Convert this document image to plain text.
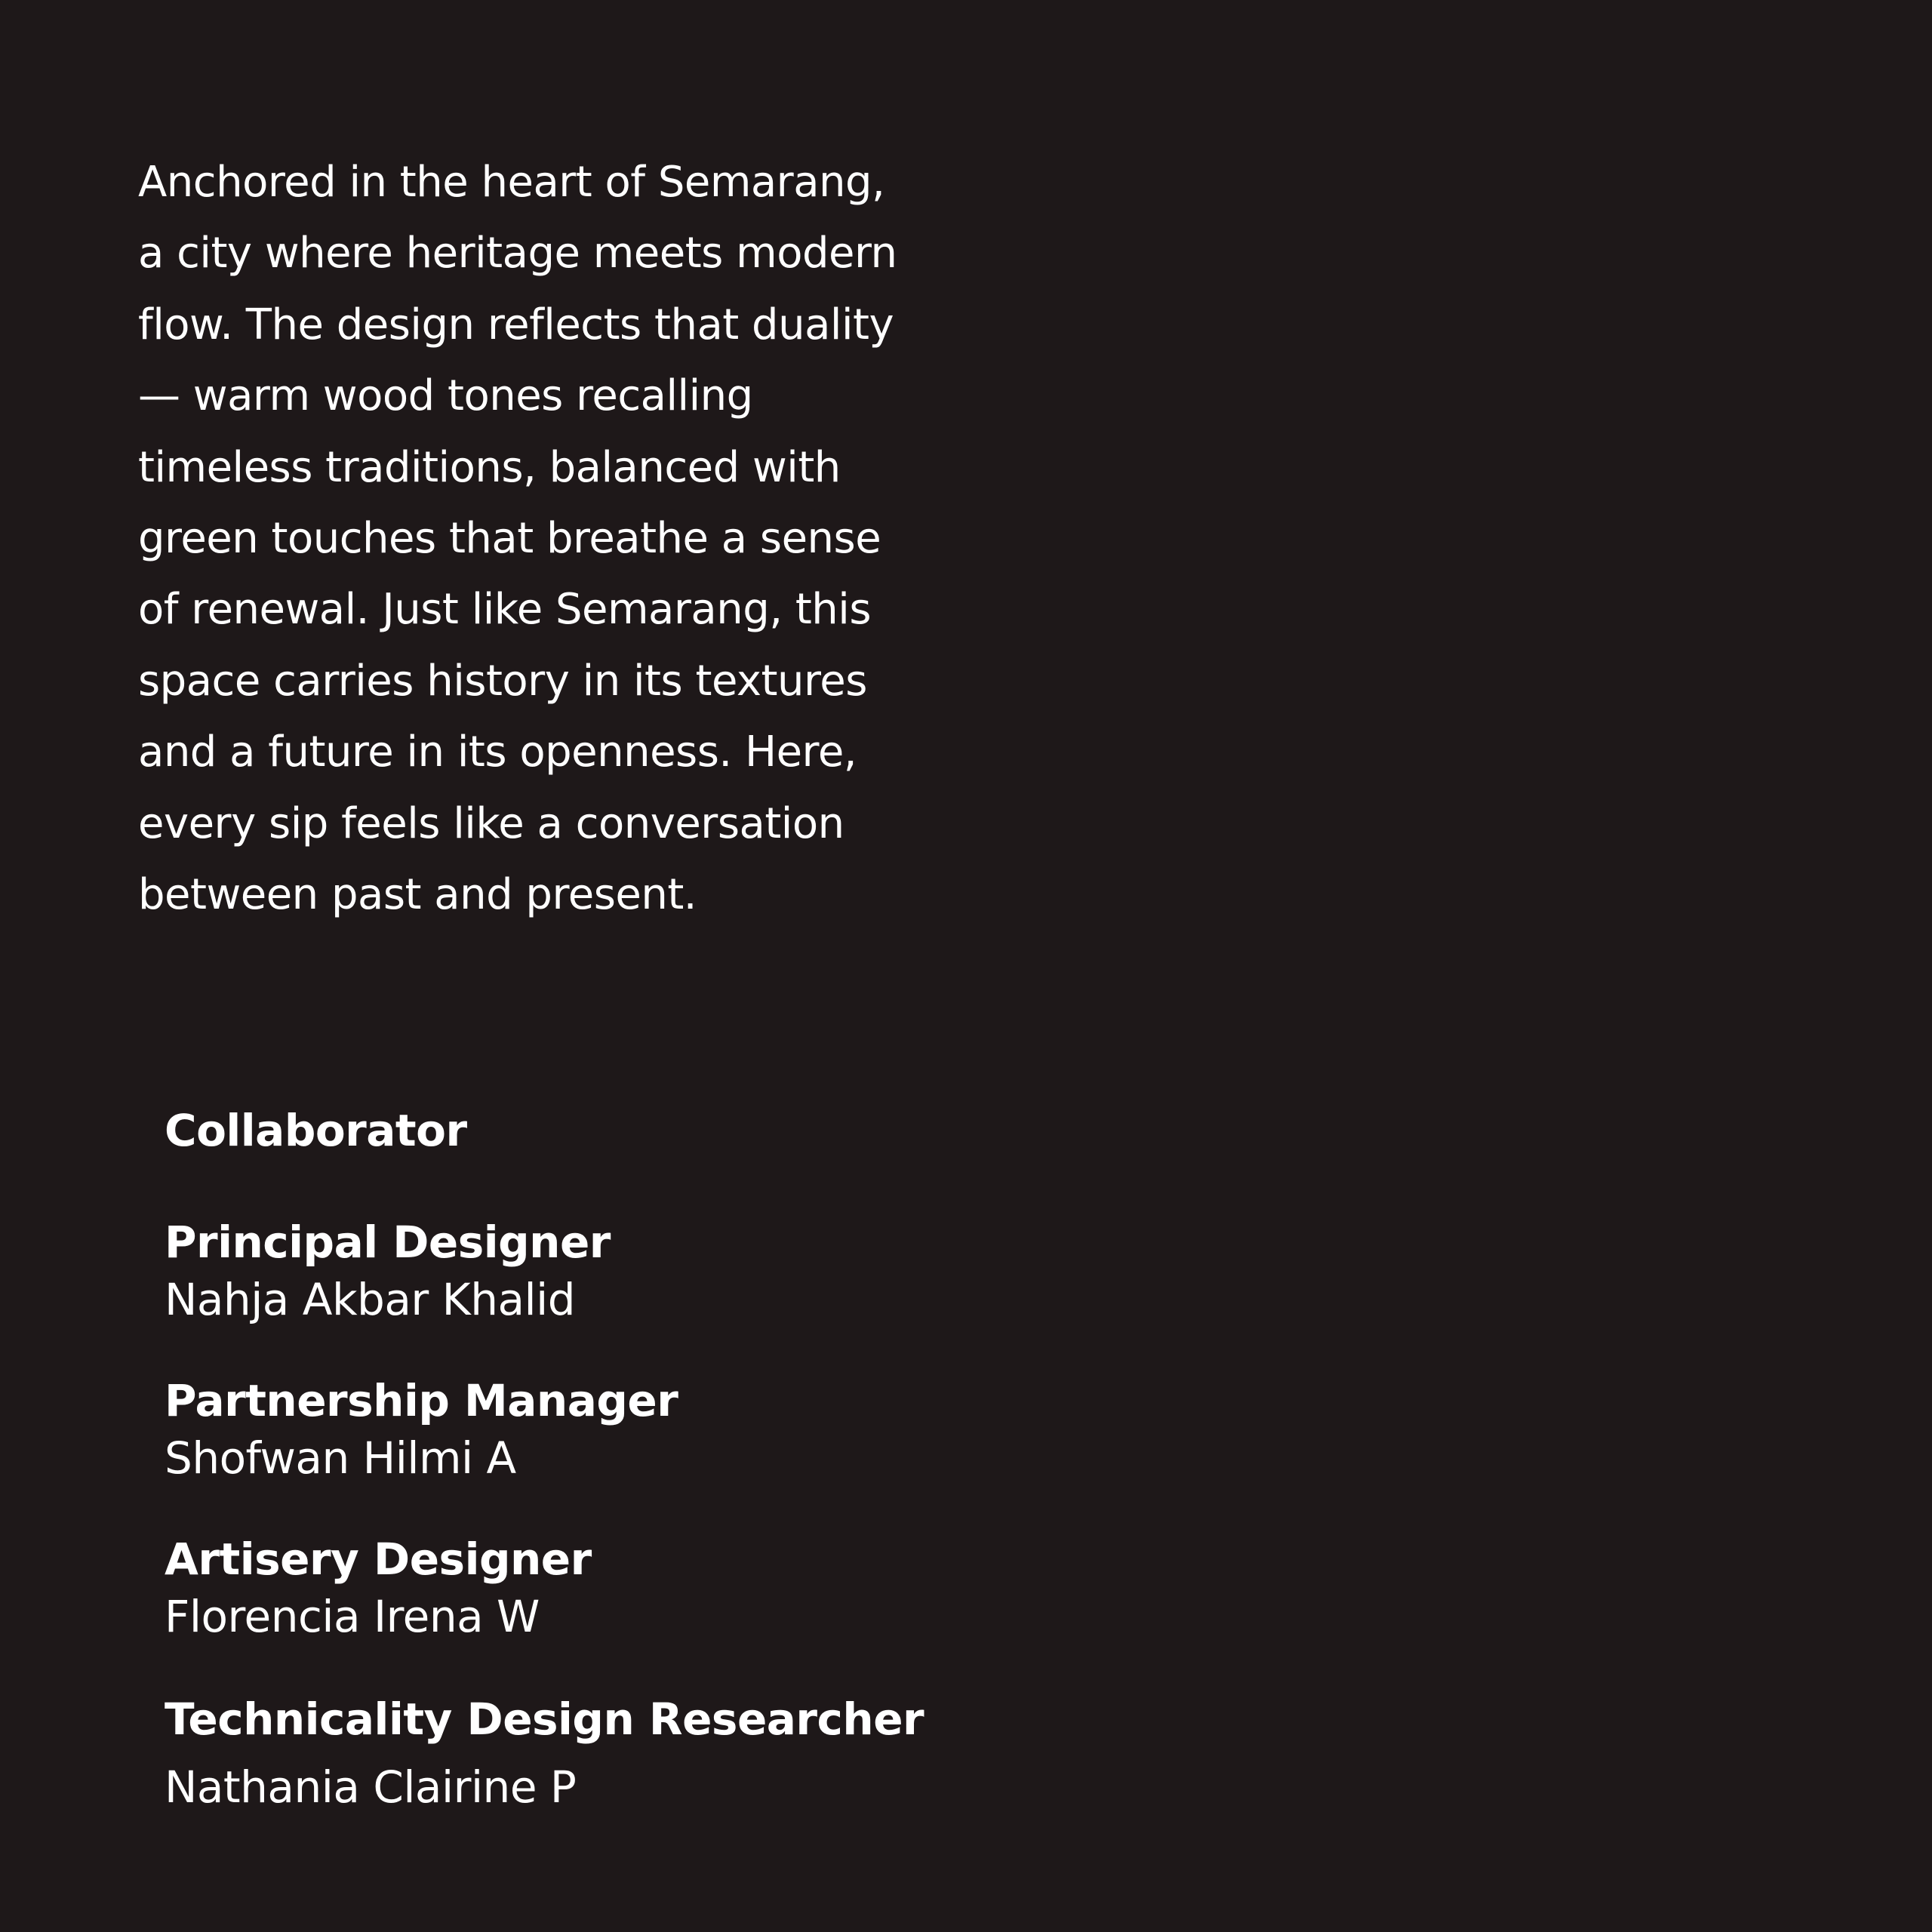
Anchored in the heart of Semarang,
a city where heritage meets modern
flow. The design reflects that duality
— warm wood tones recalling
timeless traditions, balanced with
green touches that breathe a sense
of renewal. Just like Semarang, this
space carries history in its textures
and a future in its openness. Here,
every sip feels like a conversation
between past and present.
Collaborator
Principal Designer
Nahja Akbar Khalid
Partnership Manager
Shofwan Hilmi A
Artisery Designer
Florencia Irena W
Technicality Design Researcher
Nathania Clairine P
